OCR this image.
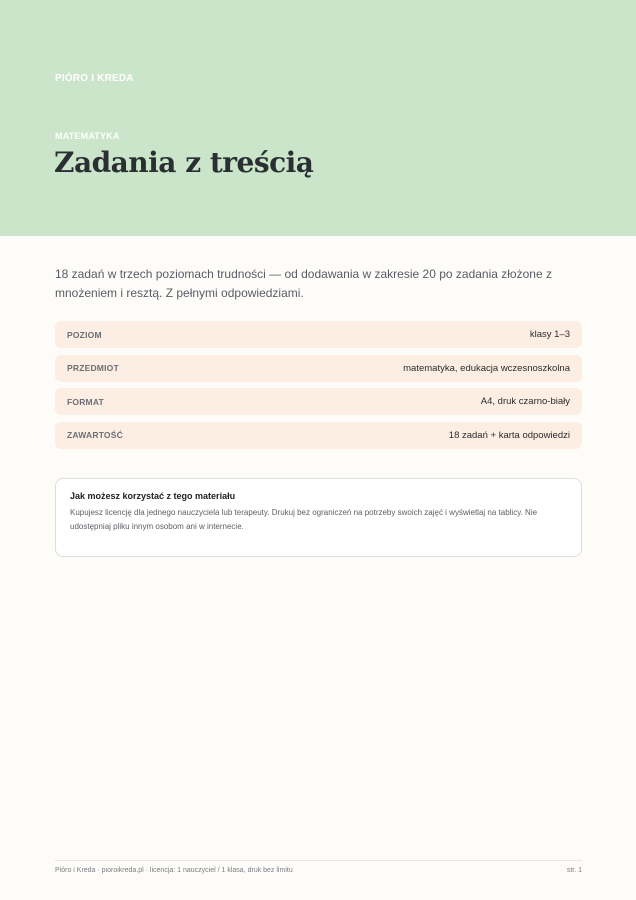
PIÓRO I KREDA
MATEMATYKA
Zadania z treścią

18 zadań w trzech poziomach trudności — od dodawania w zakresie 20 po zadania złożone z mnożeniem i resztą. Z pełnymi odpowiedziami.

POZIOM	klasy 1–3
PRZEDMIOT	matematyka, edukacja wczesnoszkolna
FORMAT	A4, druk czarno-biały
ZAWARTOŚĆ	18 zadań + karta odpowiedzi

Jak możesz korzystać z tego materiału

Kupujesz licencję dla jednego nauczyciela lub terapeuty. Drukuj bez ograniczeń na potrzeby swoich zajęć i wyświetlaj na tablicy. Nie udostępniaj pliku innym osobom ani w internecie.

Pióro i Kreda · pioroikreda.pl · licencja: 1 nauczyciel / 1 klasa, druk bez limitu	str. 1
